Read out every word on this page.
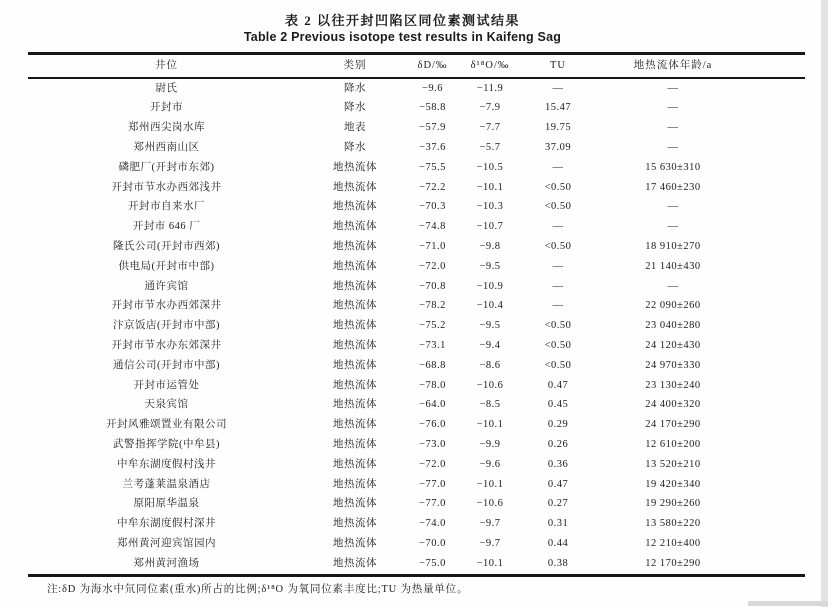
表 2 以往开封凹陷区同位素测试结果
Table 2 Previous isotope test results in Kaifeng Sag
井位	类别	δD/‰	δ¹⁸O/‰	TU	地热流体年龄/a	
尉氏	降水	−9.6	−11.9	—	—	
开封市	降水	−58.8	−7.9	15.47	—	
郑州西尖岗水库	地表	−57.9	−7.7	19.75	—	
郑州西南山区	降水	−37.6	−5.7	37.09	—	
磷肥厂(开封市东郊)	地热流体	−75.5	−10.5	—	15 630±310	
开封市节水办西郊浅井	地热流体	−72.2	−10.1	<0.50	17 460±230	
开封市自来水厂	地热流体	−70.3	−10.3	<0.50	—	
开封市 646 厂	地热流体	−74.8	−10.7	—	—	
隆氏公司(开封市西郊)	地热流体	−71.0	−9.8	<0.50	18 910±270	
供电局(开封市中部)	地热流体	−72.0	−9.5	—	21 140±430	
通许宾馆	地热流体	−70.8	−10.9	—	—	
开封市节水办西郊深井	地热流体	−78.2	−10.4	—	22 090±260	
汴京饭店(开封市中部)	地热流体	−75.2	−9.5	<0.50	23 040±280	
开封市节水办东郊深井	地热流体	−73.1	−9.4	<0.50	24 120±430	
通信公司(开封市中部)	地热流体	−68.8	−8.6	<0.50	24 970±330	
开封市运管处	地热流体	−78.0	−10.6	0.47	23 130±240	
天泉宾馆	地热流体	−64.0	−8.5	0.45	24 400±320	
开封风雅颂置业有限公司	地热流体	−76.0	−10.1	0.29	24 170±290	
武警指挥学院(中牟县)	地热流体	−73.0	−9.9	0.26	12 610±200	
中牟东湖度假村浅井	地热流体	−72.0	−9.6	0.36	13 520±210	
兰考蓬莱温泉酒店	地热流体	−77.0	−10.1	0.47	19 420±340	
原阳原华温泉	地热流体	−77.0	−10.6	0.27	19 290±260	
中牟东湖度假村深井	地热流体	−74.0	−9.7	0.31	13 580±220	
郑州黄河迎宾馆园内	地热流体	−70.0	−9.7	0.44	12 210±400	
郑州黄河渔场	地热流体	−75.0	−10.1	0.38	12 170±290	
注:δD 为海水中氘同位素(重水)所占的比例;δ¹⁸O 为氧同位素丰度比;TU 为热量单位。
